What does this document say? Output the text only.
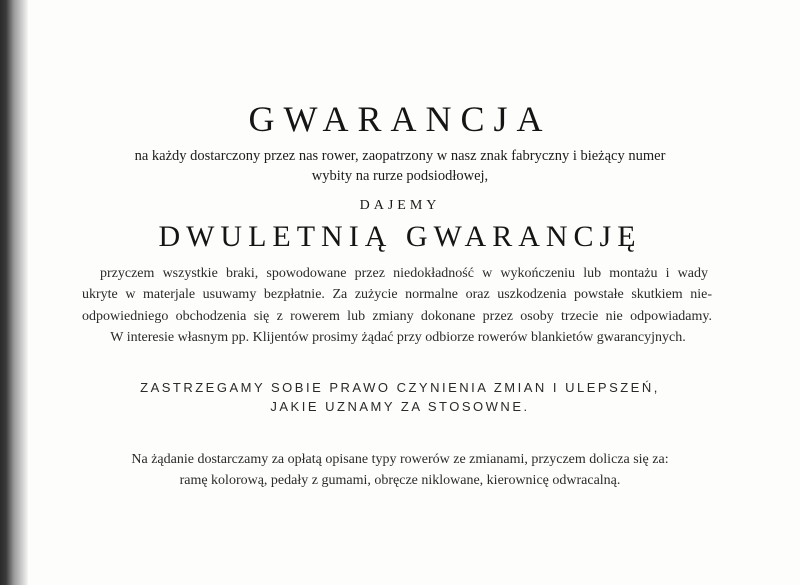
GWARANCJA
na każdy dostarczony przez nas rower, zaopatrzony w nasz znak fabryczny i bieżący numer
wybity na rurze podsiodłowej,
DAJEMY
DWULETNIĄ GWARANCJĘ
przyczem wszystkie braki, spowodowane przez niedokładność w wykończeniu lub montażu i wady
ukryte w materjale usuwamy bezpłatnie. Za zużycie normalne oraz uszkodzenia powstałe skutkiem nie-
odpowiedniego obchodzenia się z rowerem lub zmiany dokonane przez osoby trzecie nie odpowiadamy.
W interesie własnym pp. Klijentów prosimy żądać przy odbiorze rowerów blankietów gwarancyjnych.
ZASTRZEGAMY SOBIE PRAWO CZYNIENIA ZMIAN I ULEPSZEŃ,
JAKIE UZNAMY ZA STOSOWNE.
Na żądanie dostarczamy za opłatą opisane typy rowerów ze zmianami, przyczem dolicza się za:
ramę kolorową, pedały z gumami, obręcze niklowane, kierownicę odwracalną.
